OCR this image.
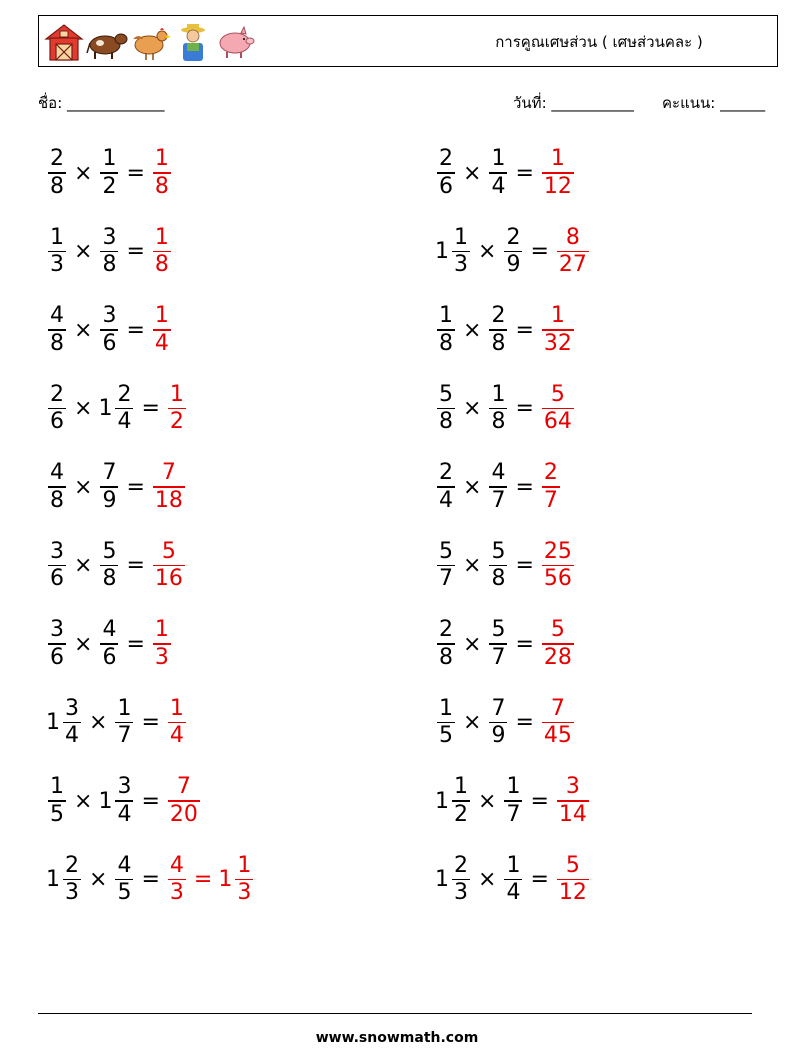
การคูณเศษส่วน ( เศษส่วนคละ )
ชื่อ: _____________	วันที่: ___________ คะแนน: ______
$\frac{2}{8} \times \frac{1}{2} = \frac{1}{8}$	$\frac{2}{6} \times \frac{1}{4} = \frac{1}{12}$
$\frac{1}{3} \times \frac{3}{8} = \frac{1}{8}$	$1 \frac{1}{3} \times \frac{2}{9} = \frac{8}{27}$
$\frac{4}{8} \times \frac{3}{6} = \frac{1}{4}$	$\frac{1}{8} \times \frac{2}{8} = \frac{1}{32}$
$\frac{2}{6} \times 1 \frac{2}{4} = \frac{1}{2}$	$\frac{5}{8} \times \frac{1}{8} = \frac{5}{64}$
$\frac{4}{8} \times \frac{7}{9} = \frac{7}{18}$	$\frac{2}{4} \times \frac{4}{7} = \frac{2}{7}$
$\frac{3}{6} \times \frac{5}{8} = \frac{5}{16}$	$\frac{5}{7} \times \frac{5}{8} = \frac{25}{56}$
$\frac{3}{6} \times \frac{4}{6} = \frac{1}{3}$	$\frac{2}{8} \times \frac{5}{7} = \frac{5}{28}$
$1 \frac{3}{4} \times \frac{1}{7} = \frac{1}{4}$	$\frac{1}{5} \times \frac{7}{9} = \frac{7}{45}$
$\frac{1}{5} \times 1 \frac{3}{4} = \frac{7}{20}$	$1 \frac{1}{2} \times \frac{1}{7} = \frac{3}{14}$
$1 \frac{2}{3} \times \frac{4}{5} = \frac{4}{3} = 1 \frac{1}{3}$	$1 \frac{2}{3} \times \frac{1}{4} = \frac{5}{12}$
www.snowmath.com
